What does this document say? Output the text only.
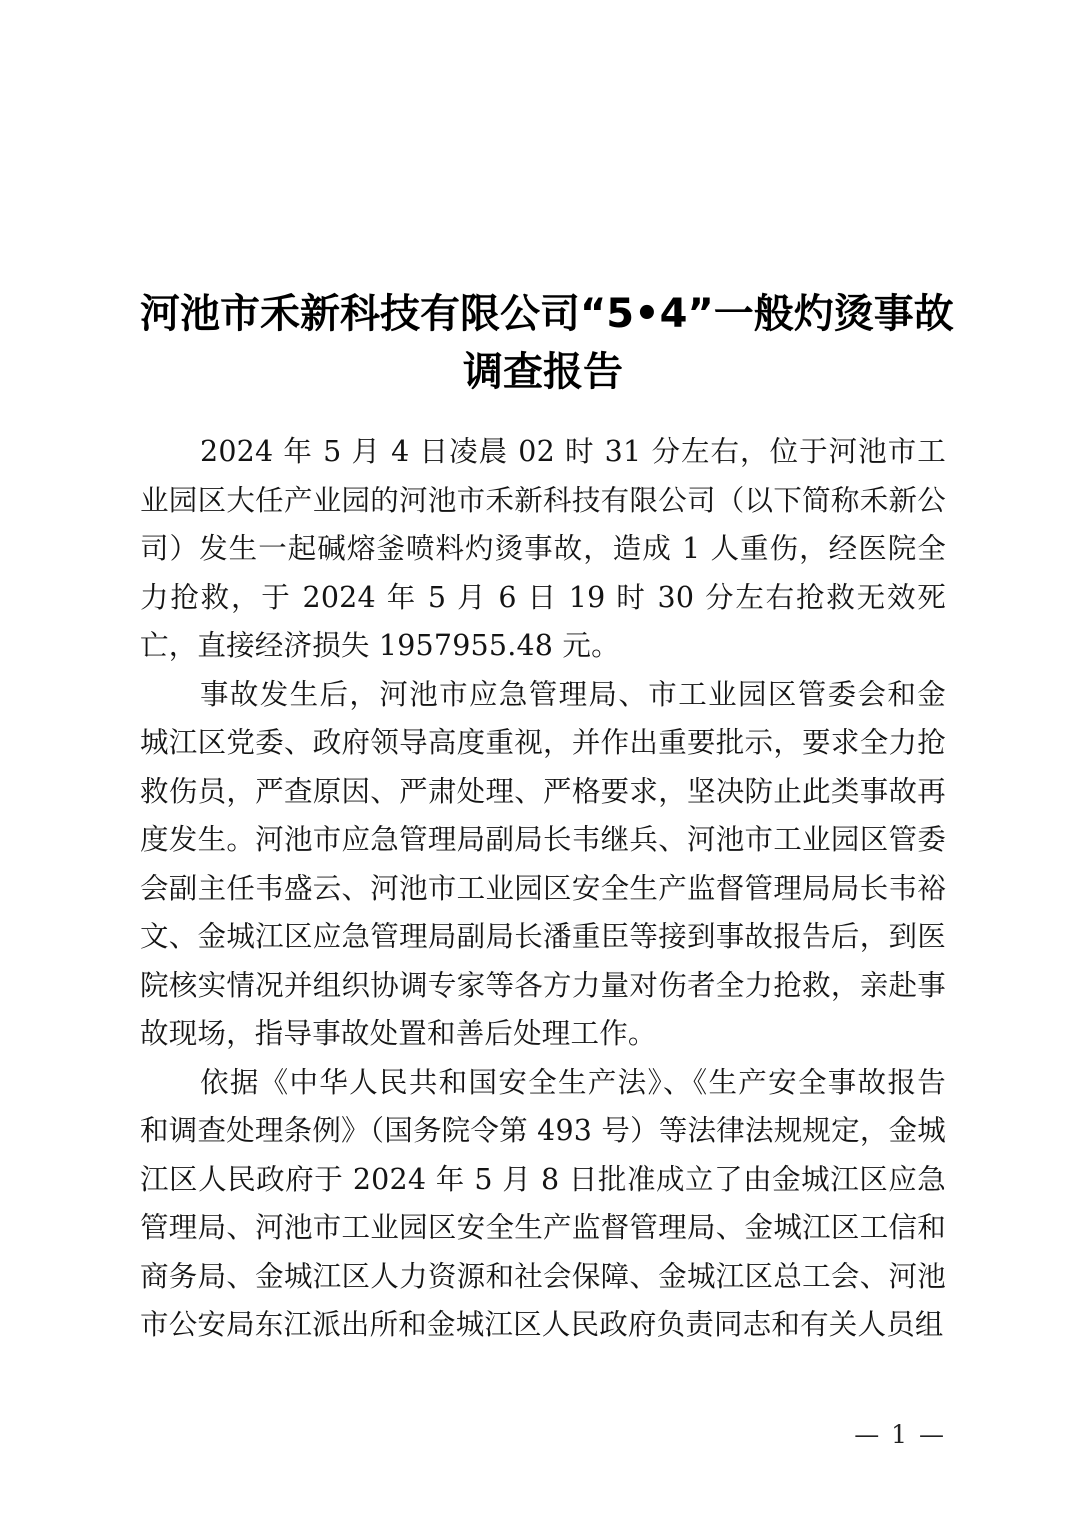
河池市禾新科技有限公司“5•4”一般灼烫事故
调查报告

2024 年 5 月 4 日凌晨 02 时 31 分左右，位于河池市工业园区大任产业园的河池市禾新科技有限公司（以下简称禾新公司）发生一起碱熔釜喷料灼烫事故，造成 1 人重伤，经医院全力抢救，于 2024 年 5 月 6 日 19 时 30 分左右抢救无效死亡，直接经济损失 1957955.48 元。

事故发生后，河池市应急管理局、市工业园区管委会和金城江区党委、政府领导高度重视，并作出重要批示，要求全力抢救伤员，严查原因、严肃处理、严格要求，坚决防止此类事故再度发生。河池市应急管理局副局长韦继兵、河池市工业园区管委会副主任韦盛云、河池市工业园区安全生产监督管理局局长韦裕文、金城江区应急管理局副局长潘重臣等接到事故报告后，到医院核实情况并组织协调专家等各方力量对伤者全力抢救，亲赴事故现场，指导事故处置和善后处理工作。

依据《中华人民共和国安全生产法》、《生产安全事故报告和调查处理条例》（国务院令第 493 号）等法律法规规定，金城江区人民政府于 2024 年 5 月 8 日批准成立了由金城江区应急管理局、河池市工业园区安全生产监督管理局、金城江区工信和商务局、金城江区人力资源和社会保障、金城江区总工会、河池市公安局东江派出所和金城江区人民政府负责同志和有关人员组

— 1 —
